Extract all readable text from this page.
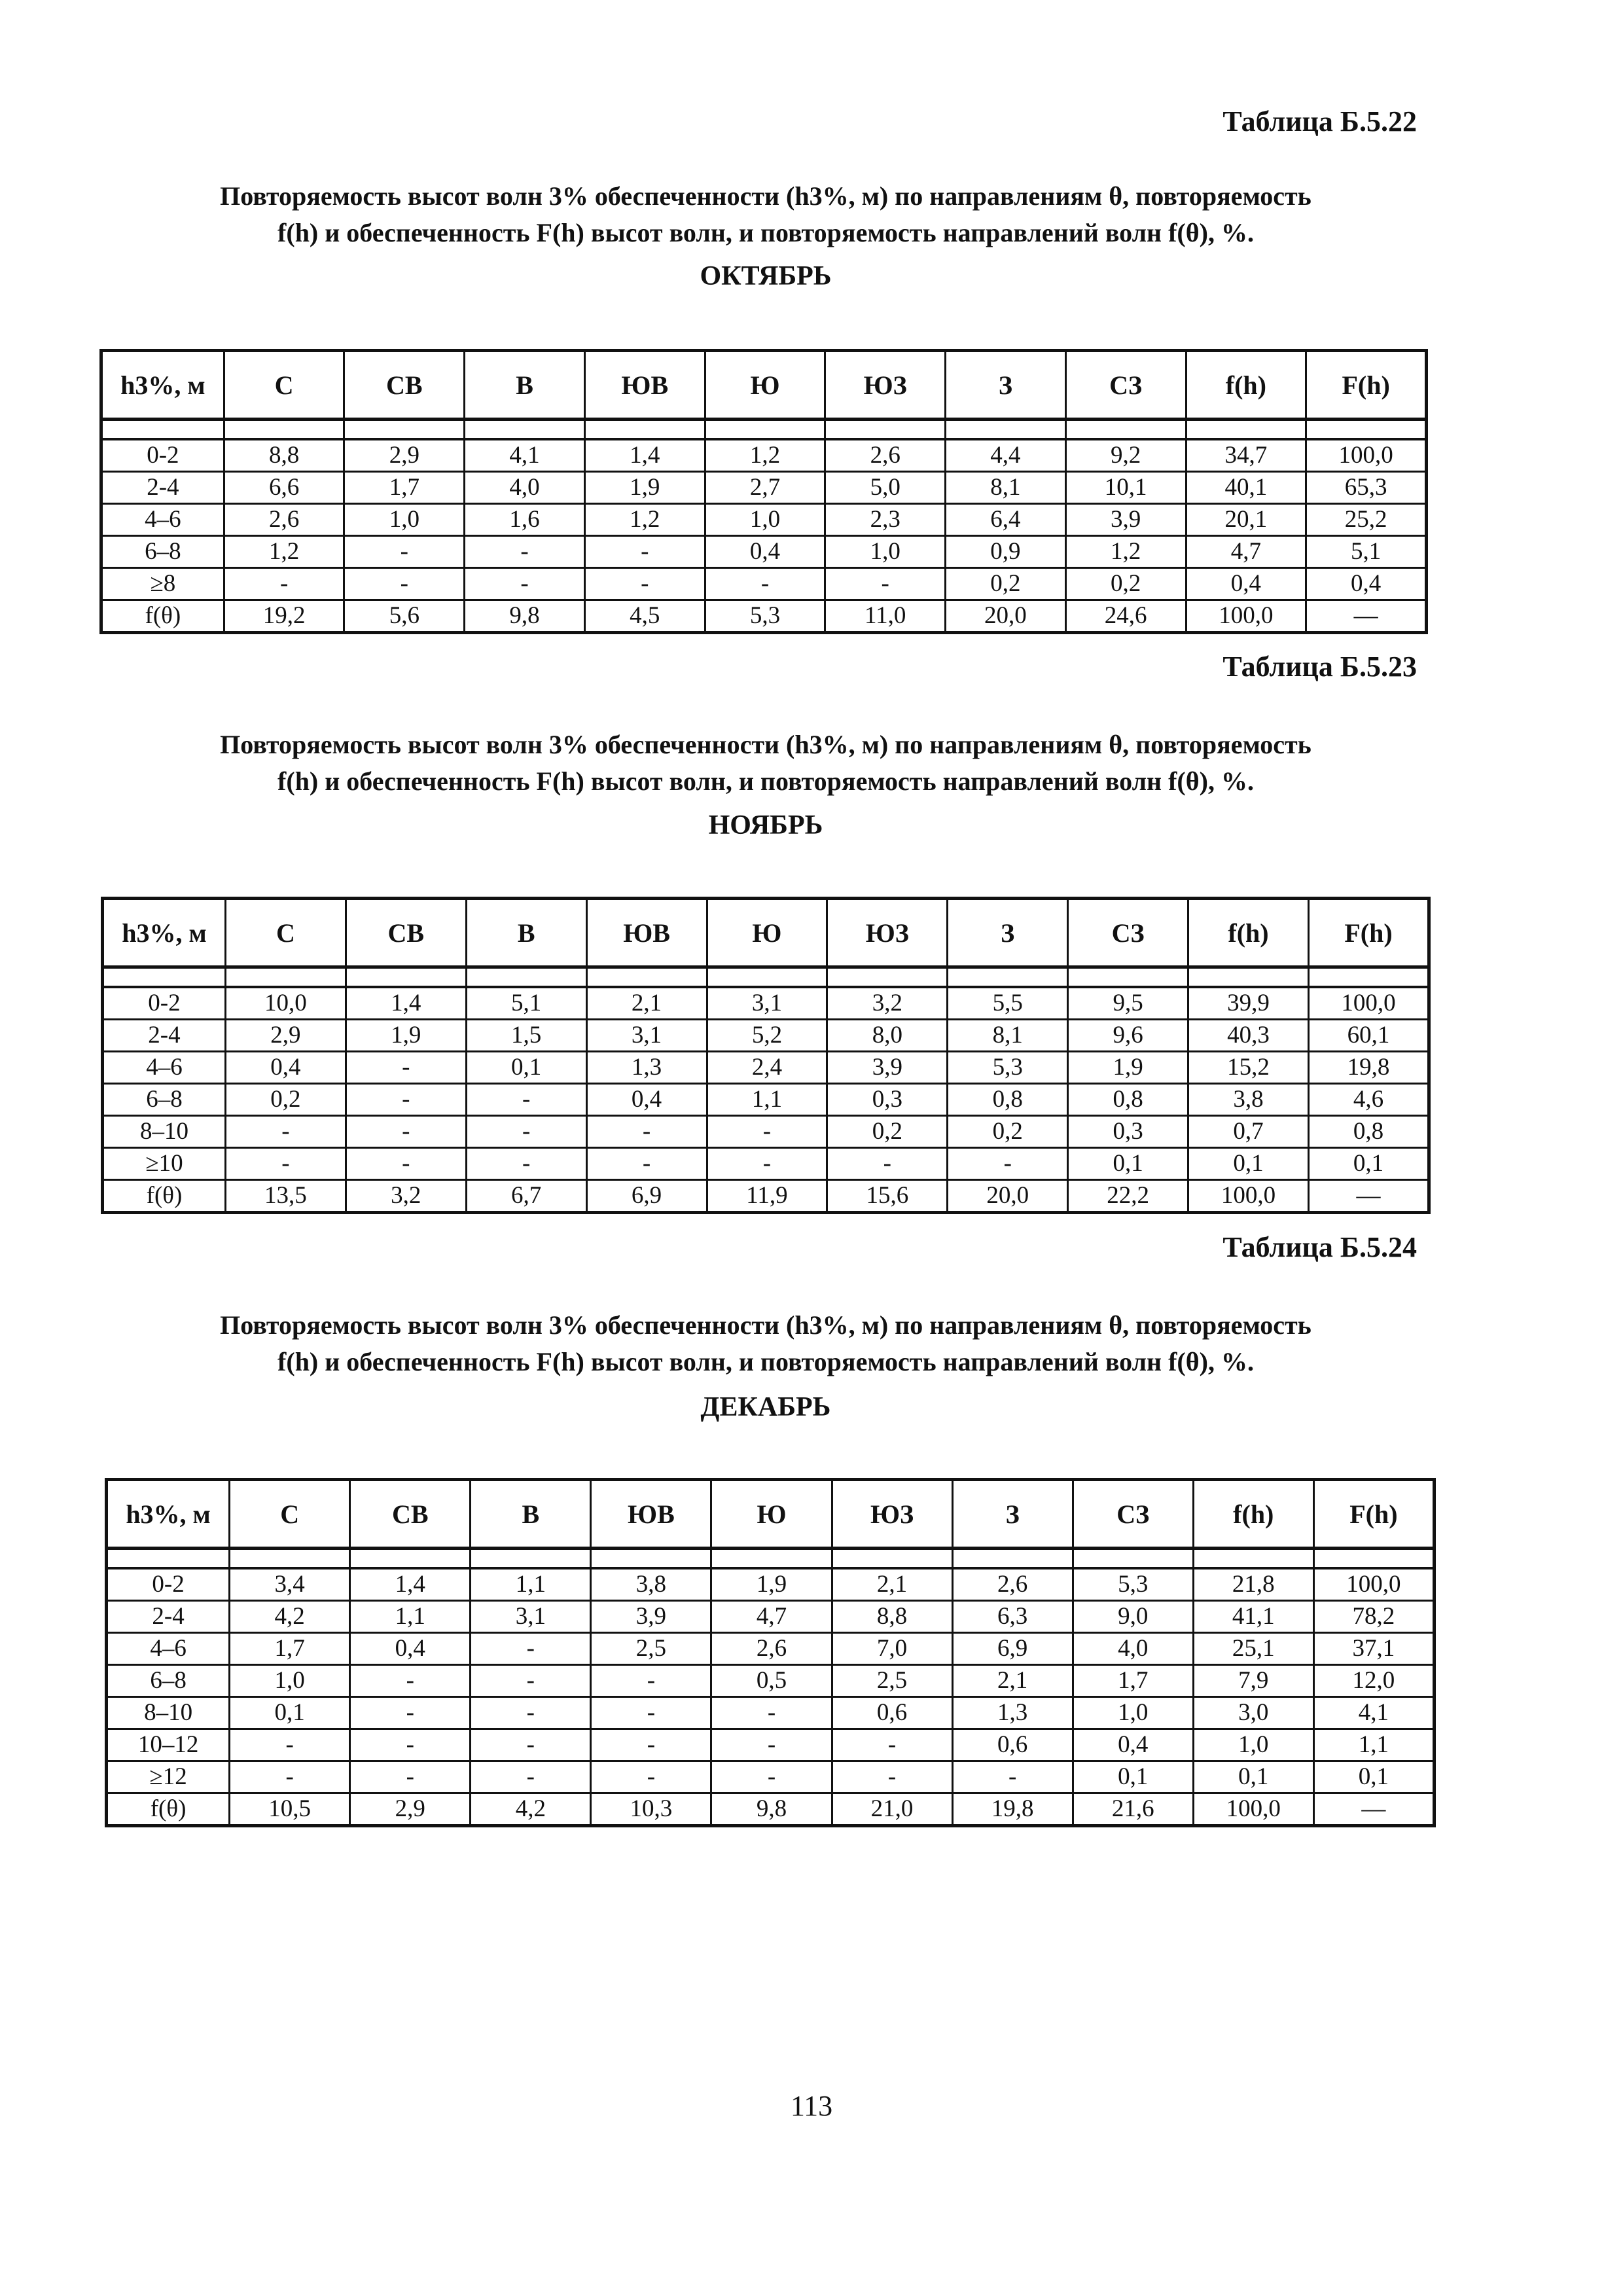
Таблица Б.5.22
Повторяемость высот волн 3% обеспеченности (h3%, м) по направлениям θ, повторяемость
f(h) и обеспеченность F(h) высот волн, и повторяемость направлений волн f(θ), %.
ОКТЯБРЬ
h3%, м	С	СВ	В	ЮВ	Ю	ЮЗ	З	СЗ	f(h)	F(h)

0-2	8,8	2,9	4,1	1,4	1,2	2,6	4,4	9,2	34,7	100,0
2-4	6,6	1,7	4,0	1,9	2,7	5,0	8,1	10,1	40,1	65,3
4–6	2,6	1,0	1,6	1,2	1,0	2,3	6,4	3,9	20,1	25,2
6–8	1,2	-	-	-	0,4	1,0	0,9	1,2	4,7	5,1
≥8	-	-	-	-	-	-	0,2	0,2	0,4	0,4
f(θ)	19,2	5,6	9,8	4,5	5,3	11,0	20,0	24,6	100,0	—
Таблица Б.5.23
Повторяемость высот волн 3% обеспеченности (h3%, м) по направлениям θ, повторяемость
f(h) и обеспеченность F(h) высот волн, и повторяемость направлений волн f(θ), %.
НОЯБРЬ
h3%, м	С	СВ	В	ЮВ	Ю	ЮЗ	З	СЗ	f(h)	F(h)

0-2	10,0	1,4	5,1	2,1	3,1	3,2	5,5	9,5	39,9	100,0
2-4	2,9	1,9	1,5	3,1	5,2	8,0	8,1	9,6	40,3	60,1
4–6	0,4	-	0,1	1,3	2,4	3,9	5,3	1,9	15,2	19,8
6–8	0,2	-	-	0,4	1,1	0,3	0,8	0,8	3,8	4,6
8–10	-	-	-	-	-	0,2	0,2	0,3	0,7	0,8
≥10	-	-	-	-	-	-	-	0,1	0,1	0,1
f(θ)	13,5	3,2	6,7	6,9	11,9	15,6	20,0	22,2	100,0	—
Таблица Б.5.24
Повторяемость высот волн 3% обеспеченности (h3%, м) по направлениям θ, повторяемость
f(h) и обеспеченность F(h) высот волн, и повторяемость направлений волн f(θ), %.
ДЕКАБРЬ
h3%, м	С	СВ	В	ЮВ	Ю	ЮЗ	З	СЗ	f(h)	F(h)

0-2	3,4	1,4	1,1	3,8	1,9	2,1	2,6	5,3	21,8	100,0
2-4	4,2	1,1	3,1	3,9	4,7	8,8	6,3	9,0	41,1	78,2
4–6	1,7	0,4	-	2,5	2,6	7,0	6,9	4,0	25,1	37,1
6–8	1,0	-	-	-	0,5	2,5	2,1	1,7	7,9	12,0
8–10	0,1	-	-	-	-	0,6	1,3	1,0	3,0	4,1
10–12	-	-	-	-	-	-	0,6	0,4	1,0	1,1
≥12	-	-	-	-	-	-	-	0,1	0,1	0,1
f(θ)	10,5	2,9	4,2	10,3	9,8	21,0	19,8	21,6	100,0	—
113
